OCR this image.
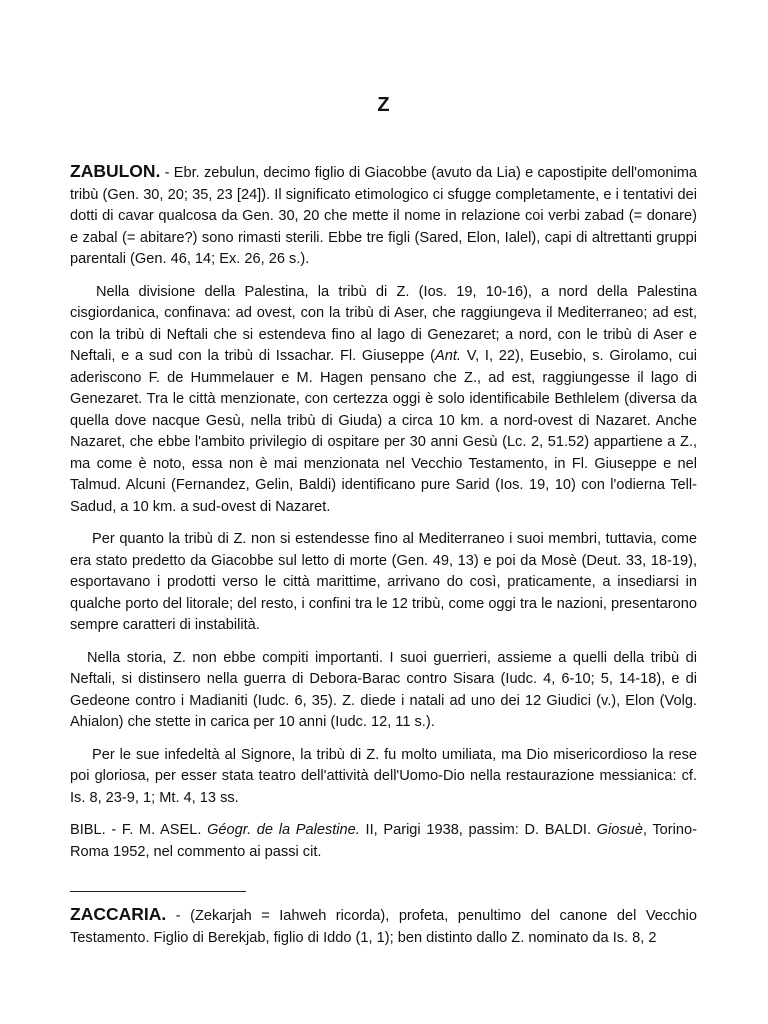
Z

ZABULON. - Ebr. zebulun, decimo figlio di Giacobbe (avuto da Lia) e capostipite dell'omonima tribù (Gen. 30, 20; 35, 23 [24]). Il significato etimologico ci sfugge completamente, e i tentativi dei dotti di cavar qualcosa da Gen. 30, 20 che mette il nome in relazione coi verbi zabad (= donare) e zabal (= abitare?) sono rimasti sterili. Ebbe tre figli (Sared, Elon, Ialel), capi di altrettanti gruppi parentali (Gen. 46, 14; Ex. 26, 26 s.).

Nella divisione della Palestina, la tribù di Z. (Ios. 19, 10-16), a nord della Palestina cisgiordanica, confinava: ad ovest, con la tribù di Aser, che raggiungeva il Mediterraneo; ad est, con la tribù di Neftali che si estendeva fino al lago di Genezaret; a nord, con le tribù di Aser e Neftali, e a sud con la tribù di Issachar. Fl. Giuseppe (Ant. V, I, 22), Eusebio, s. Girolamo, cui aderiscono F. de Hummelauer e M. Hagen pensano che Z., ad est, raggiungesse il lago di Genezaret. Tra le città menzionate, con certezza oggi è solo identificabile Bethlelem (diversa da quella dove nacque Gesù, nella tribù di Giuda) a circa 10 km. a nord-ovest di Nazaret. Anche Nazaret, che ebbe l'ambito privilegio di ospitare per 30 anni Gesù (Lc. 2, 51.52) appartiene a Z., ma come è noto, essa non è mai menzionata nel Vecchio Testamento, in Fl. Giuseppe e nel Talmud. Alcuni (Fernandez, Gelin, Baldi) identificano pure Sarid (Ios. 19, 10) con l'odierna Tell-Sadud, a 10 km. a sud-ovest di Nazaret.

Per quanto la tribù di Z. non si estendesse fino al Mediterraneo i suoi membri, tuttavia, come era stato predetto da Giacobbe sul letto di morte (Gen. 49, 13) e poi da Mosè (Deut. 33, 18-19), esportavano i prodotti verso le città marittime, arrivano do così, praticamente, a insediarsi in qualche porto del litorale; del resto, i confini tra le 12 tribù, come oggi tra le nazioni, presentarono sempre caratteri di instabilità.

Nella storia, Z. non ebbe compiti importanti. I suoi guerrieri, assieme a quelli della tribù di Neftali, si distinsero nella guerra di Debora-Barac contro Sisara (Iudc. 4, 6-10; 5, 14-18), e di Gedeone contro i Madianiti (Iudc. 6, 35). Z. diede i natali ad uno dei 12 Giudici (v.), Elon (Volg. Ahialon) che stette in carica per 10 anni (Iudc. 12, 11 s.).

Per le sue infedeltà al Signore, la tribù di Z. fu molto umiliata, ma Dio misericordioso la rese poi gloriosa, per esser stata teatro dell'attività dell'Uomo-Dio nella restaurazione messianica: cf. Is. 8, 23-9, 1; Mt. 4, 13 ss.

BIBL. - F. M. ASEL. Géogr. de la Palestine. II, Parigi 1938, passim: D. BALDI. Giosuè, Torino-Roma 1952, nel commento ai passi cit.

ZACCARIA. - (Zekarjah = Iahweh ricorda), profeta, penultimo del canone del Vecchio Testamento. Figlio di Berekjab, figlio di Iddo (1, 1); ben distinto dallo Z. nominato da Is. 8, 2
